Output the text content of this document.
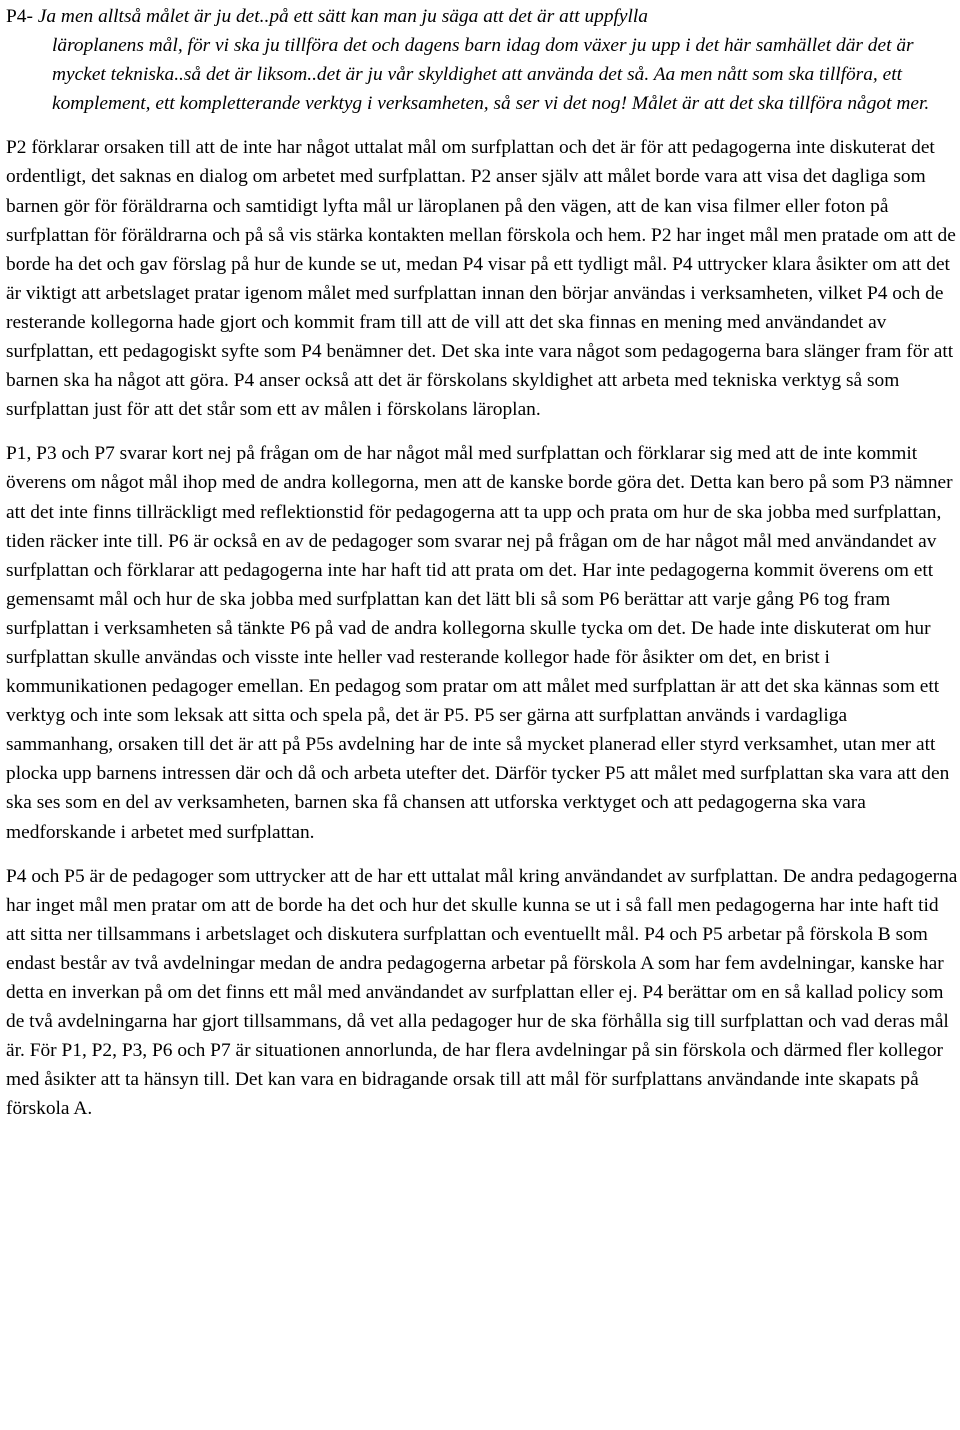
P4- Ja men alltså målet är ju det..på ett sätt kan man ju säga att det är att uppfylla

läroplanens mål, för vi ska ju tillföra det och dagens barn idag dom växer ju upp i det här samhället där det är mycket tekniska..så det är liksom..det är ju vår skyldighet att använda det så. Aa men nått som ska tillföra, ett komplement, ett kompletterande verktyg i verksamheten, så ser vi det nog! Målet är att det ska tillföra något mer.

P2 förklarar orsaken till att de inte har något uttalat mål om surfplattan och det är för att pedagogerna inte diskuterat det ordentligt, det saknas en dialog om arbetet med surfplattan. P2 anser själv att målet borde vara att visa det dagliga som barnen gör för föräldrarna och samtidigt lyfta mål ur läroplanen på den vägen, att de kan visa filmer eller foton på surfplattan för föräldrarna och på så vis stärka kontakten mellan förskola och hem. P2 har inget mål men pratade om att de borde ha det och gav förslag på hur de kunde se ut, medan P4 visar på ett tydligt mål. P4 uttrycker klara åsikter om att det är viktigt att arbetslaget pratar igenom målet med surfplattan innan den börjar användas i verksamheten, vilket P4 och de resterande kollegorna hade gjort och kommit fram till att de vill att det ska finnas en mening med användandet av surfplattan, ett pedagogiskt syfte som P4 benämner det. Det ska inte vara något som pedagogerna bara slänger fram för att barnen ska ha något att göra. P4 anser också att det är förskolans skyldighet att arbeta med tekniska verktyg så som surfplattan just för att det står som ett av målen i förskolans läroplan.

P1, P3 och P7 svarar kort nej på frågan om de har något mål med surfplattan och förklarar sig med att de inte kommit överens om något mål ihop med de andra kollegorna, men att de kanske borde göra det. Detta kan bero på som P3 nämner att det inte finns tillräckligt med reflektionstid för pedagogerna att ta upp och prata om hur de ska jobba med surfplattan, tiden räcker inte till. P6 är också en av de pedagoger som svarar nej på frågan om de har något mål med användandet av surfplattan och förklarar att pedagogerna inte har haft tid att prata om det. Har inte pedagogerna kommit överens om ett gemensamt mål och hur de ska jobba med surfplattan kan det lätt bli så som P6 berättar att varje gång P6 tog fram surfplattan i verksamheten så tänkte P6 på vad de andra kollegorna skulle tycka om det. De hade inte diskuterat om hur surfplattan skulle användas och visste inte heller vad resterande kollegor hade för åsikter om det, en brist i kommunikationen pedagoger emellan. En pedagog som pratar om att målet med surfplattan är att det ska kännas som ett verktyg och inte som leksak att sitta och spela på, det är P5. P5 ser gärna att surfplattan används i vardagliga sammanhang, orsaken till det är att på P5s avdelning har de inte så mycket planerad eller styrd verksamhet, utan mer att plocka upp barnens intressen där och då och arbeta utefter det. Därför tycker P5 att målet med surfplattan ska vara att den ska ses som en del av verksamheten, barnen ska få chansen att utforska verktyget och att pedagogerna ska vara medforskande i arbetet med surfplattan.

P4 och P5 är de pedagoger som uttrycker att de har ett uttalat mål kring användandet av surfplattan. De andra pedagogerna har inget mål men pratar om att de borde ha det och hur det skulle kunna se ut i så fall men pedagogerna har inte haft tid att sitta ner tillsammans i arbetslaget och diskutera surfplattan och eventuellt mål. P4 och P5 arbetar på förskola B som endast består av två avdelningar medan de andra pedagogerna arbetar på förskola A som har fem avdelningar, kanske har detta en inverkan på om det finns ett mål med användandet av surfplattan eller ej. P4 berättar om en så kallad policy som de två avdelningarna har gjort tillsammans, då vet alla pedagoger hur de ska förhålla sig till surfplattan och vad deras mål är. För P1, P2, P3, P6 och P7 är situationen annorlunda, de har flera avdelningar på sin förskola och därmed fler kollegor med åsikter att ta hänsyn till. Det kan vara en bidragande orsak till att mål för surfplattans användande inte skapats på förskola A.
